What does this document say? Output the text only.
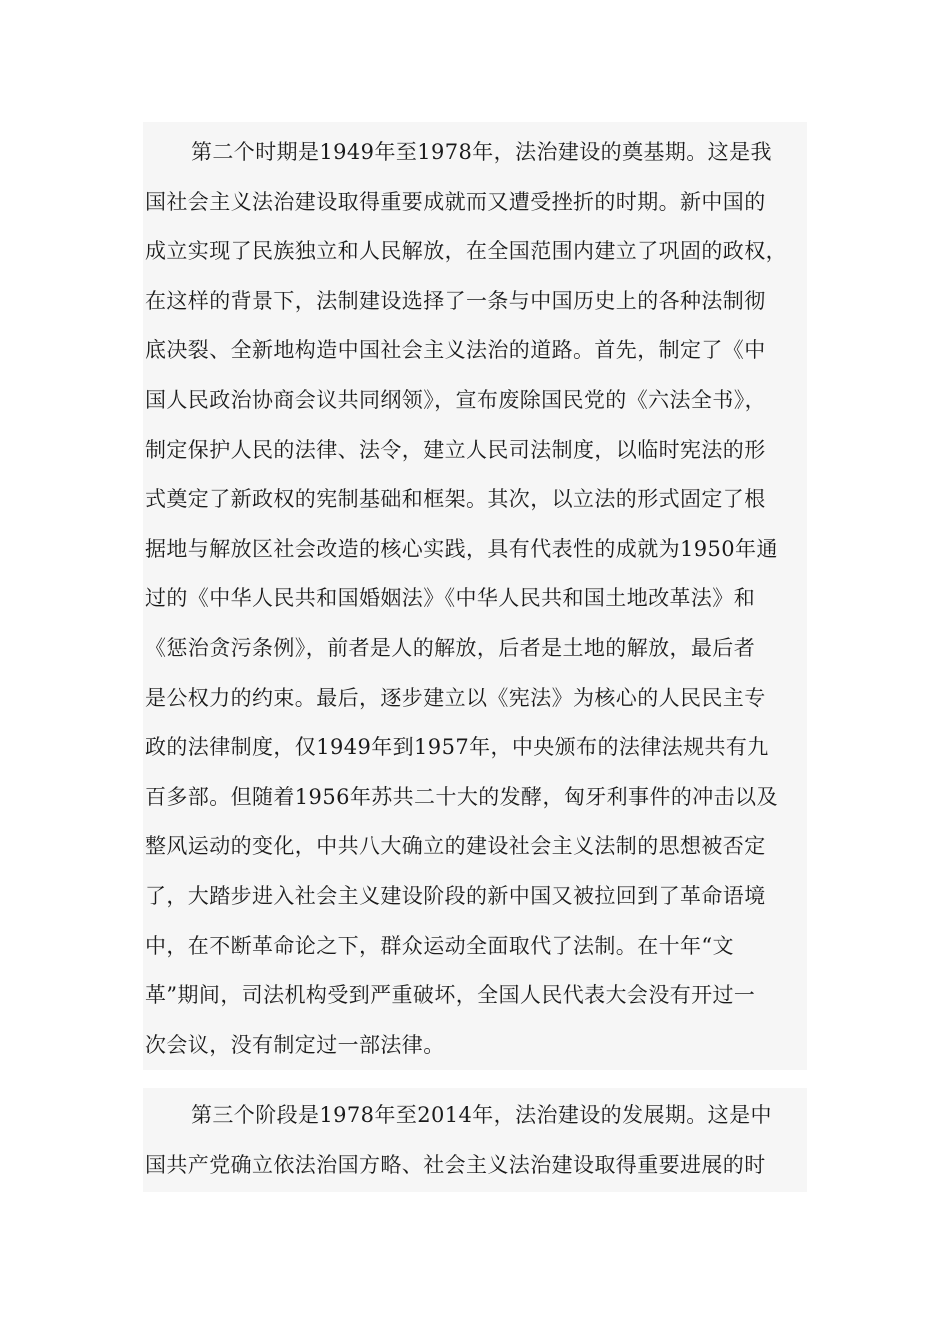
第二个时期是1949年至1978年，法治建设的奠基期。这是我
国社会主义法治建设取得重要成就而又遭受挫折的时期。新中国的
成立实现了民族独立和人民解放，在全国范围内建立了巩固的政权，
在这样的背景下，法制建设选择了一条与中国历史上的各种法制彻
底决裂、全新地构造中国社会主义法治的道路。首先，制定了《中
国人民政治协商会议共同纲领》，宣布废除国民党的《六法全书》，
制定保护人民的法律、法令，建立人民司法制度，以临时宪法的形
式奠定了新政权的宪制基础和框架。其次，以立法的形式固定了根
据地与解放区社会改造的核心实践，具有代表性的成就为1950年通
过的《中华人民共和国婚姻法》《中华人民共和国土地改革法》和
《惩治贪污条例》，前者是人的解放，后者是土地的解放，最后者
是公权力的约束。最后，逐步建立以《宪法》为核心的人民民主专
政的法律制度，仅1949年到1957年，中央颁布的法律法规共有九
百多部。但随着1956年苏共二十大的发酵，匈牙利事件的冲击以及
整风运动的变化，中共八大确立的建设社会主义法制的思想被否定
了，大踏步进入社会主义建设阶段的新中国又被拉回到了革命语境
中，在不断革命论之下，群众运动全面取代了法制。在十年“文
革”期间，司法机构受到严重破坏，全国人民代表大会没有开过一
次会议，没有制定过一部法律。
第三个阶段是1978年至2014年，法治建设的发展期。这是中
国共产党确立依法治国方略、社会主义法治建设取得重要进展的时
